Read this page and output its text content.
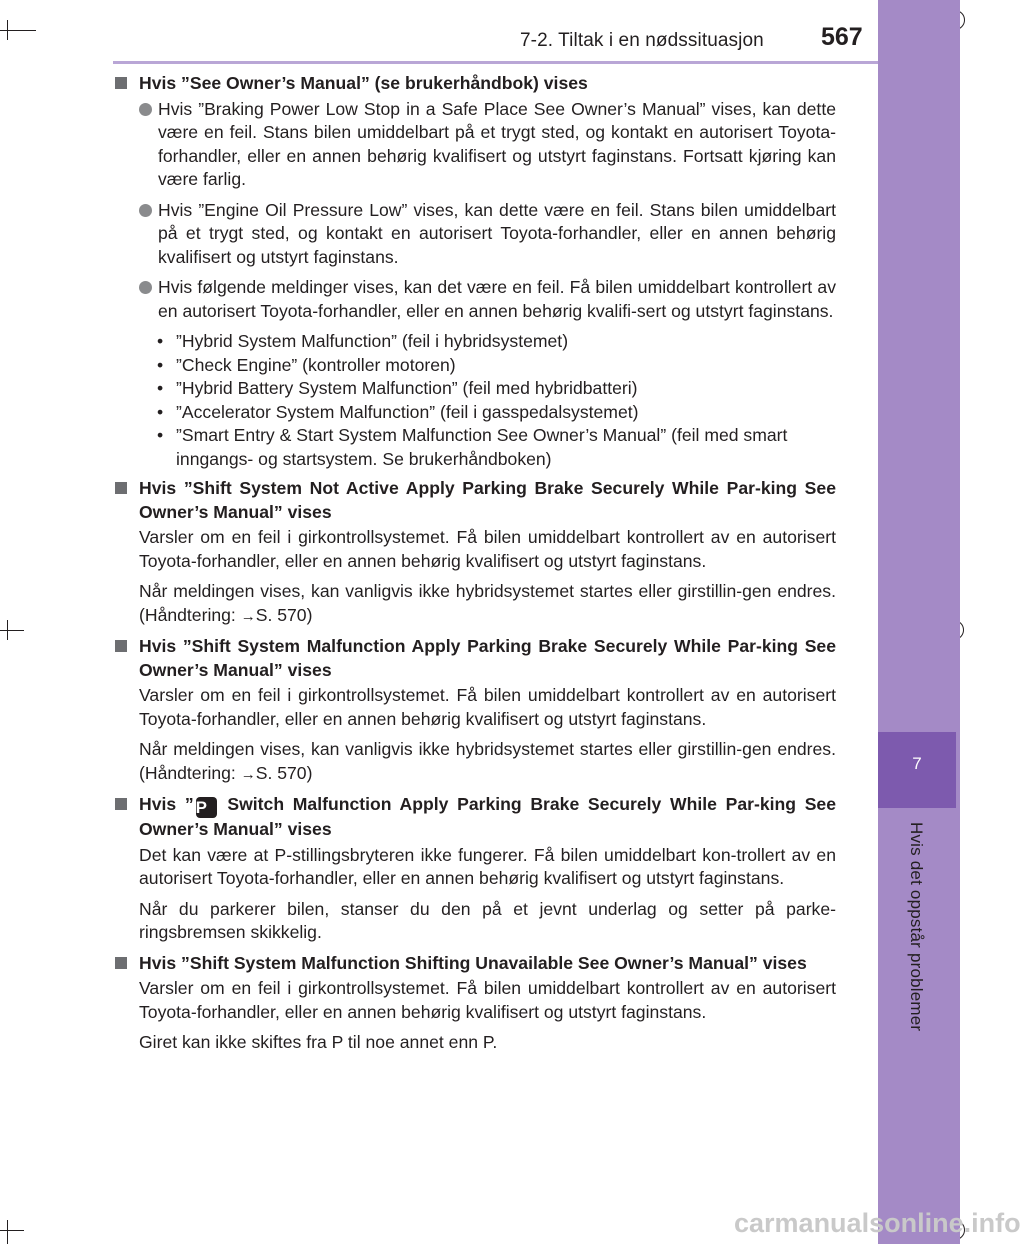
7-2. Tiltak i en nødssituasjon 567
7
Hvis det oppstår problemer
Hvis ”See Owner’s Manual” (se brukerhåndbok) vises
Hvis ”Braking Power Low Stop in a Safe Place See Owner’s Manual” vises, kan dette være en feil. Stans bilen umiddelbart på et trygt sted, og kontakt en autorisert Toyota-forhandler, eller en annen behørig kvalifisert og utstyrt faginstans. Fortsatt kjøring kan være farlig.
Hvis ”Engine Oil Pressure Low” vises, kan dette være en feil. Stans bilen umiddelbart på et trygt sted, og kontakt en autorisert Toyota-forhandler, eller en annen behørig kvalifisert og utstyrt faginstans.
Hvis følgende meldinger vises, kan det være en feil. Få bilen umiddelbart kontrollert av en autorisert Toyota-forhandler, eller en annen behørig kvalifi-sert og utstyrt faginstans.
• ”Hybrid System Malfunction” (feil i hybridsystemet)
• ”Check Engine” (kontroller motoren)
• ”Hybrid Battery System Malfunction” (feil med hybridbatteri)
• ”Accelerator System Malfunction” (feil i gasspedalsystemet)
• ”Smart Entry & Start System Malfunction See Owner’s Manual” (feil med smart inngangs- og startsystem. Se brukerhåndboken)
Hvis ”Shift System Not Active Apply Parking Brake Securely While Par-king See Owner’s Manual” vises
Varsler om en feil i girkontrollsystemet. Få bilen umiddelbart kontrollert av en autorisert Toyota-forhandler, eller en annen behørig kvalifisert og utstyrt faginstans.
Når meldingen vises, kan vanligvis ikke hybridsystemet startes eller girstillin-gen endres. (Håndtering: →S. 570)
Hvis ”Shift System Malfunction Apply Parking Brake Securely While Par-king See Owner’s Manual” vises
Varsler om en feil i girkontrollsystemet. Få bilen umiddelbart kontrollert av en autorisert Toyota-forhandler, eller en annen behørig kvalifisert og utstyrt faginstans.
Når meldingen vises, kan vanligvis ikke hybridsystemet startes eller girstillin-gen endres. (Håndtering: →S. 570)
Hvis ” P Switch Malfunction Apply Parking Brake Securely While Par-king See Owner’s Manual” vises
Det kan være at P-stillingsbryteren ikke fungerer. Få bilen umiddelbart kon-trollert av en autorisert Toyota-forhandler, eller en annen behørig kvalifisert og utstyrt faginstans.
Når du parkerer bilen, stanser du den på et jevnt underlag og setter på parke-ringsbremsen skikkelig.
Hvis ”Shift System Malfunction Shifting Unavailable See Owner’s Manual” vises
Varsler om en feil i girkontrollsystemet. Få bilen umiddelbart kontrollert av en autorisert Toyota-forhandler, eller en annen behørig kvalifisert og utstyrt faginstans.
Giret kan ikke skiftes fra P til noe annet enn P.
carmanualsonline.info
